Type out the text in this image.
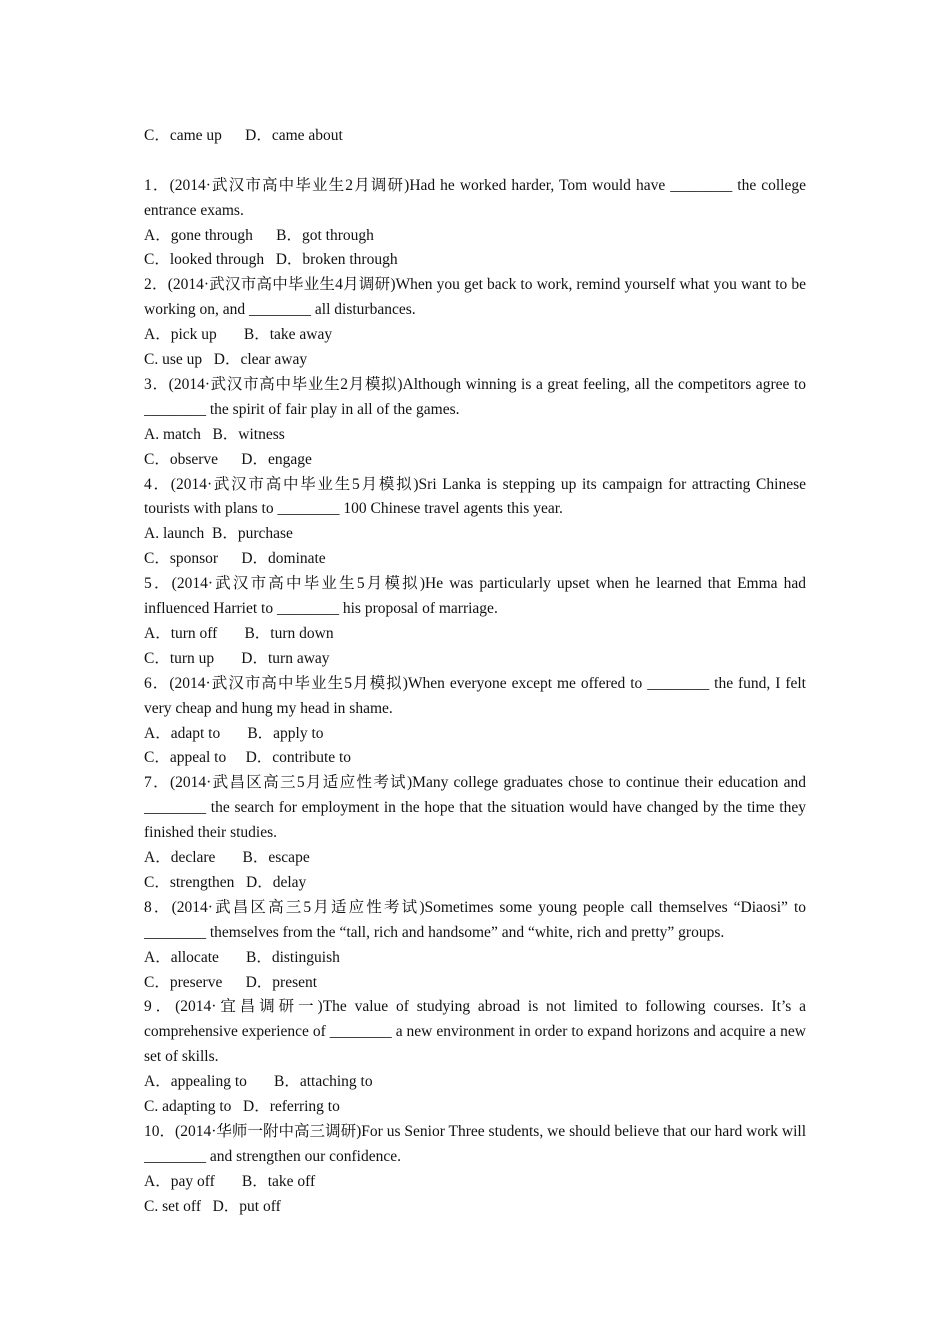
C．came up      D．came about
1．(2014·武汉市高中毕业生2月调研)Had he worked harder, Tom would have ________ the college entrance exams.
A．gone through      B．got through
C．looked through   D．broken through
2．(2014·武汉市高中毕业生4月调研)When you get back to work, remind yourself what you want to be working on, and ________ all disturbances.
A．pick up       B．take away
C. use up   D．clear away
3．(2014·武汉市高中毕业生2月模拟)Although winning is a great feeling, all the competitors agree to ________ the spirit of fair play in all of the games.
A. match   B．witness
C．observe      D．engage
4．(2014·武汉市高中毕业生5月模拟)Sri Lanka is stepping up its campaign for attracting Chinese tourists with plans to ________ 100 Chinese travel agents this year.
A. launch  B．purchase
C．sponsor      D．dominate
5．(2014·武汉市高中毕业生5月模拟)He was particularly upset when he learned that Emma had influenced Harriet to ________ his proposal of marriage.
A．turn off       B．turn down
C．turn up       D．turn away
6．(2014·武汉市高中毕业生5月模拟)When everyone except me offered to ________ the fund, I felt very cheap and hung my head in shame.
A．adapt to       B．apply to
C．appeal to     D．contribute to
7．(2014·武昌区高三5月适应性考试)Many college graduates chose to continue their education and ________ the search for employment in the hope that the situation would have changed by the time they finished their studies.
A．declare       B．escape
C．strengthen   D．delay
8．(2014·武昌区高三5月适应性考试)Sometimes some young people call themselves “Diaosi” to ________ themselves from the “tall, rich and handsome” and “white, rich and pretty” groups.
A．allocate       B．distinguish
C．preserve      D．present
9．(2014·宜昌调研一)The value of studying abroad is not limited to following courses. It’s a comprehensive experience of ________ a new environment in order to expand horizons and acquire a new set of skills.
A．appealing to       B．attaching to
C. adapting to   D．referring to
10．(2014·华师一附中高三调研)For us Senior Three students, we should believe that our hard work will ________ and strengthen our confidence.
A．pay off       B．take off
C. set off   D．put off
